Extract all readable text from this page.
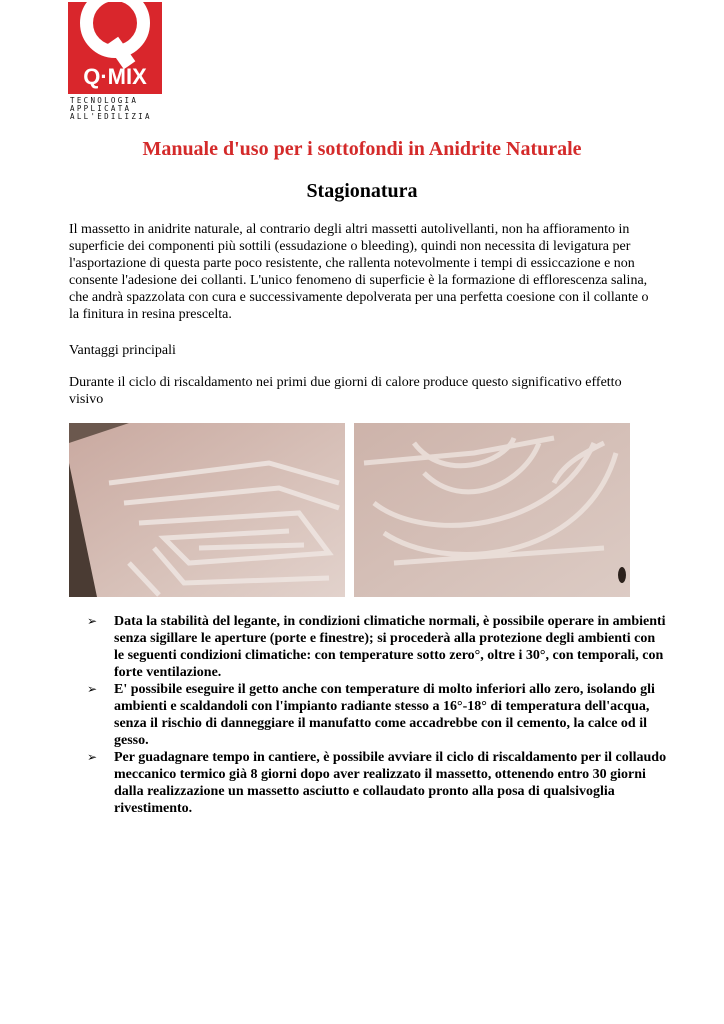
Q·MIX
TECNOLOGIA
APPLICATA
ALL'EDILIZIA
Manuale d'uso per i sottofondi in Anidrite Naturale
Stagionatura

Il massetto in anidrite naturale, al contrario degli altri massetti autolivellanti, non ha affioramento in superficie dei componenti più sottili (essudazione o bleeding), quindi non necessita di levigatura per l'asportazione di questa parte poco resistente, che rallenta notevolmente i tempi di essiccazione e non consente l'adesione dei collanti. L'unico fenomeno di superficie è la formazione di efflorescenza salina, che andrà spazzolata con cura e successivamente depolverata per una perfetta coesione con il collante o la finitura in resina prescelta.

Vantaggi principali

Durante il ciclo di riscaldamento nei primi due giorni di calore produce questo significativo effetto visivo

➢ Data la stabilità del legante, in condizioni climatiche normali, è possibile operare in ambienti senza sigillare le aperture (porte e finestre); si procederà alla protezione degli ambienti con le seguenti condizioni climatiche: con temperature sotto zero°, oltre i 30°, con temporali, con forte ventilazione.
➢ E' possibile eseguire il getto anche con temperature di molto inferiori allo zero, isolando gli ambienti e scaldandoli con l'impianto radiante stesso a 16°-18° di temperatura dell'acqua, senza il rischio di danneggiare il manufatto come accadrebbe con il cemento, la calce od il gesso.
➢ Per guadagnare tempo in cantiere, è possibile avviare il ciclo di riscaldamento per il collaudo meccanico termico già 8 giorni dopo aver realizzato il massetto, ottenendo entro 30 giorni dalla realizzazione un massetto asciutto e collaudato pronto alla posa di qualsivoglia rivestimento.
